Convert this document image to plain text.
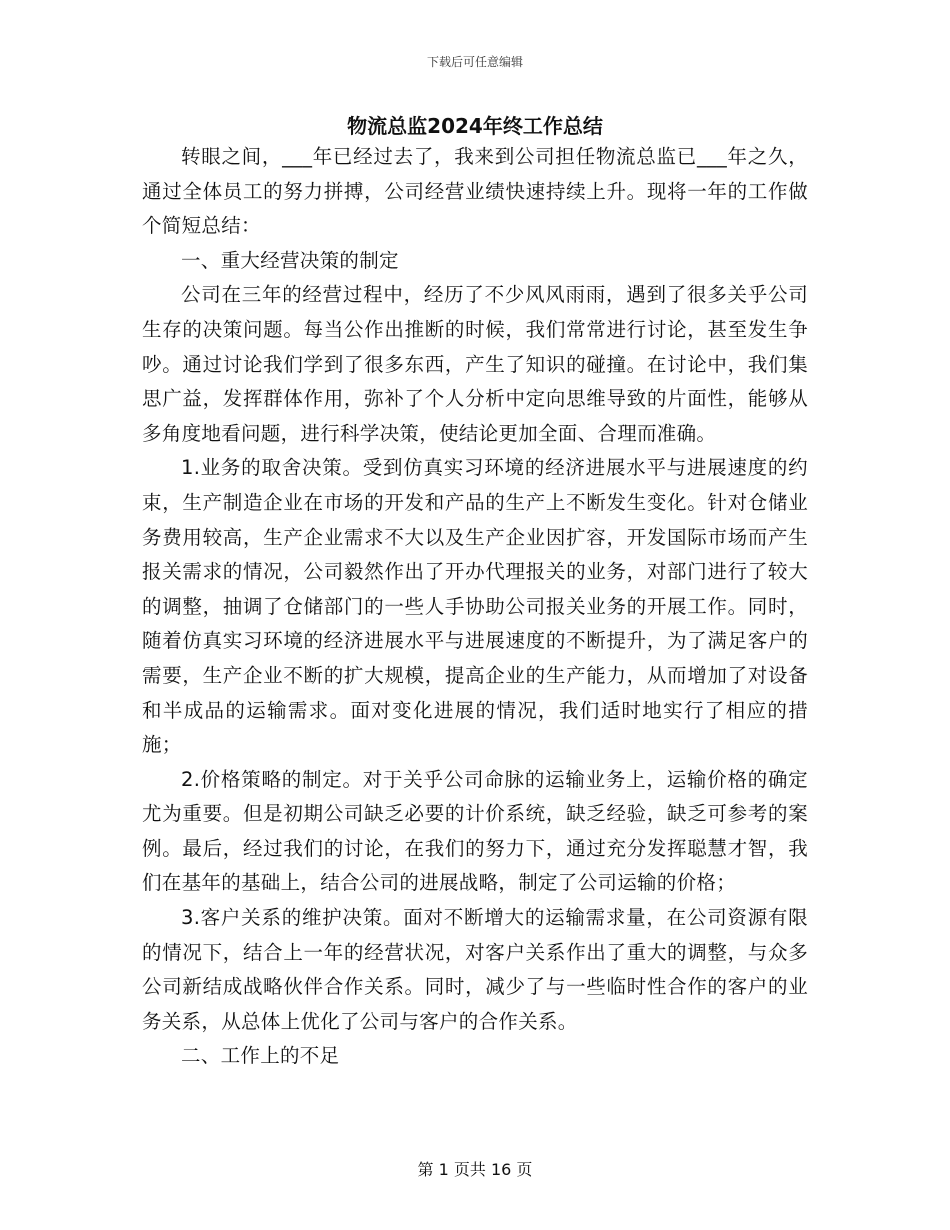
下载后可任意编辑
物流总监2024年终工作总结

转眼之间，___年已经过去了，我来到公司担任物流总监已___年之久，通过全体员工的努力拼搏，公司经营业绩快速持续上升。现将一年的工作做个简短总结：

一、重大经营决策的制定

公司在三年的经营过程中，经历了不少风风雨雨，遇到了很多关乎公司生存的决策问题。每当公作出推断的时候，我们常常进行讨论，甚至发生争吵。通过讨论我们学到了很多东西，产生了知识的碰撞。在讨论中，我们集思广益，发挥群体作用，弥补了个人分析中定向思维导致的片面性，能够从多角度地看问题，进行科学决策，使结论更加全面、合理而准确。

1.业务的取舍决策。受到仿真实习环境的经济进展水平与进展速度的约束，生产制造企业在市场的开发和产品的生产上不断发生变化。针对仓储业务费用较高，生产企业需求不大以及生产企业因扩容，开发国际市场而产生报关需求的情况，公司毅然作出了开办代理报关的业务，对部门进行了较大的调整，抽调了仓储部门的一些人手协助公司报关业务的开展工作。同时，随着仿真实习环境的经济进展水平与进展速度的不断提升，为了满足客户的需要，生产企业不断的扩大规模，提高企业的生产能力，从而增加了对设备和半成品的运输需求。面对变化进展的情况，我们适时地实行了相应的措施；

2.价格策略的制定。对于关乎公司命脉的运输业务上，运输价格的确定尤为重要。但是初期公司缺乏必要的计价系统，缺乏经验，缺乏可参考的案例。最后，经过我们的讨论，在我们的努力下，通过充分发挥聪慧才智，我们在基年的基础上，结合公司的进展战略，制定了公司运输的价格；

3.客户关系的维护决策。面对不断增大的运输需求量，在公司资源有限的情况下，结合上一年的经营状况，对客户关系作出了重大的调整，与众多公司新结成战略伙伴合作关系。同时，减少了与一些临时性合作的客户的业务关系，从总体上优化了公司与客户的合作关系。

二、工作上的不足

第 1 页共 16 页
